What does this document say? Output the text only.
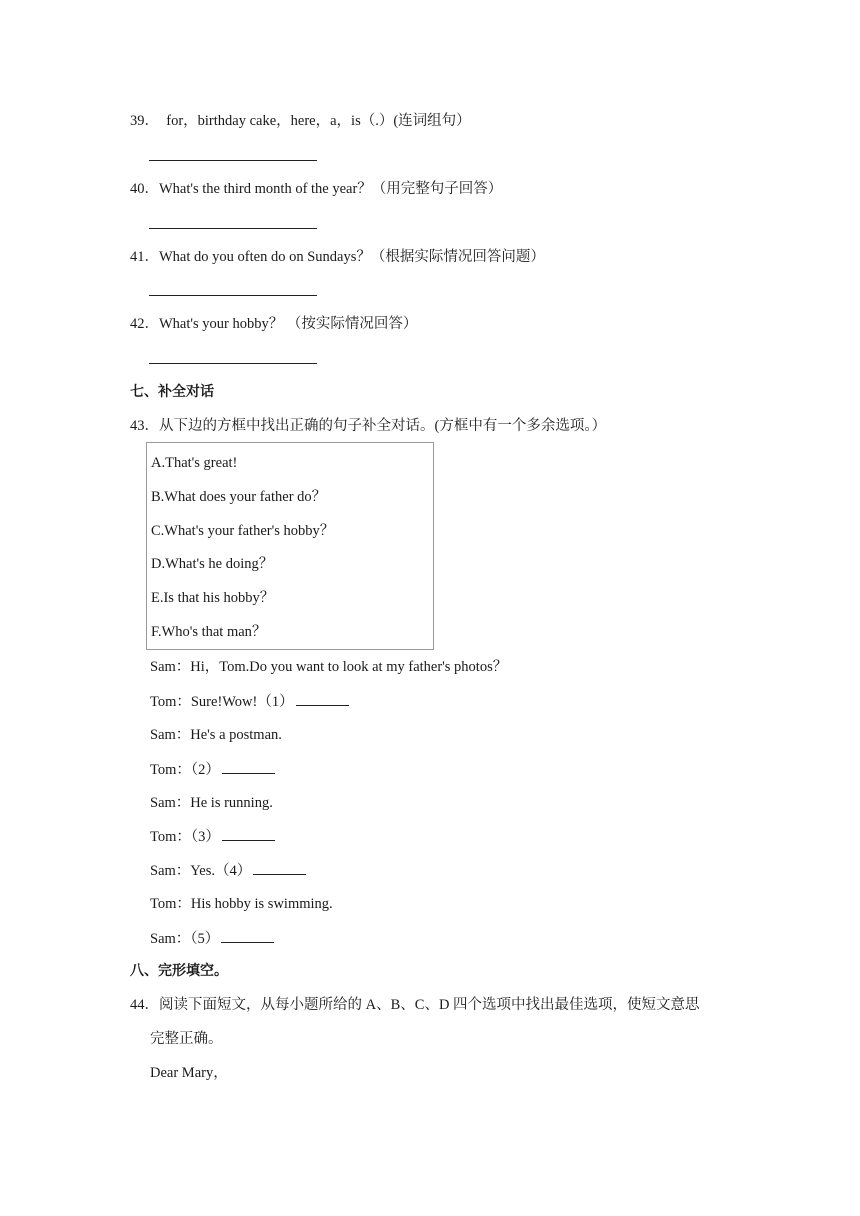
39． for，birthday cake，here，a，is（.）(连词组句）
40．What's the third month of the year？（用完整句子回答）
41．What do you often do on Sundays？（根据实际情况回答问题）
42．What's your hobby？ （按实际情况回答）
七、补全对话
43．从下边的方框中找出正确的句子补全对话。(方框中有一个多余选项。）
A.That's great!
B.What does your father do？
C.What's your father's hobby？
D.What's he doing？
E.Is that his hobby？
F.Who's that man？
Sam：Hi，Tom.Do you want to look at my father's photos？
Tom：Sure!Wow!（1）
Sam：He's a postman.
Tom：（2）
Sam：He is running.
Tom：（3）
Sam：Yes.（4）
Tom：His hobby is swimming.
Sam：（5）
八、完形填空。
44．阅读下面短文，从每小题所给的 A、B、C、D 四个选项中找出最佳选项，使短文意思
完整正确。
Dear Mary，
